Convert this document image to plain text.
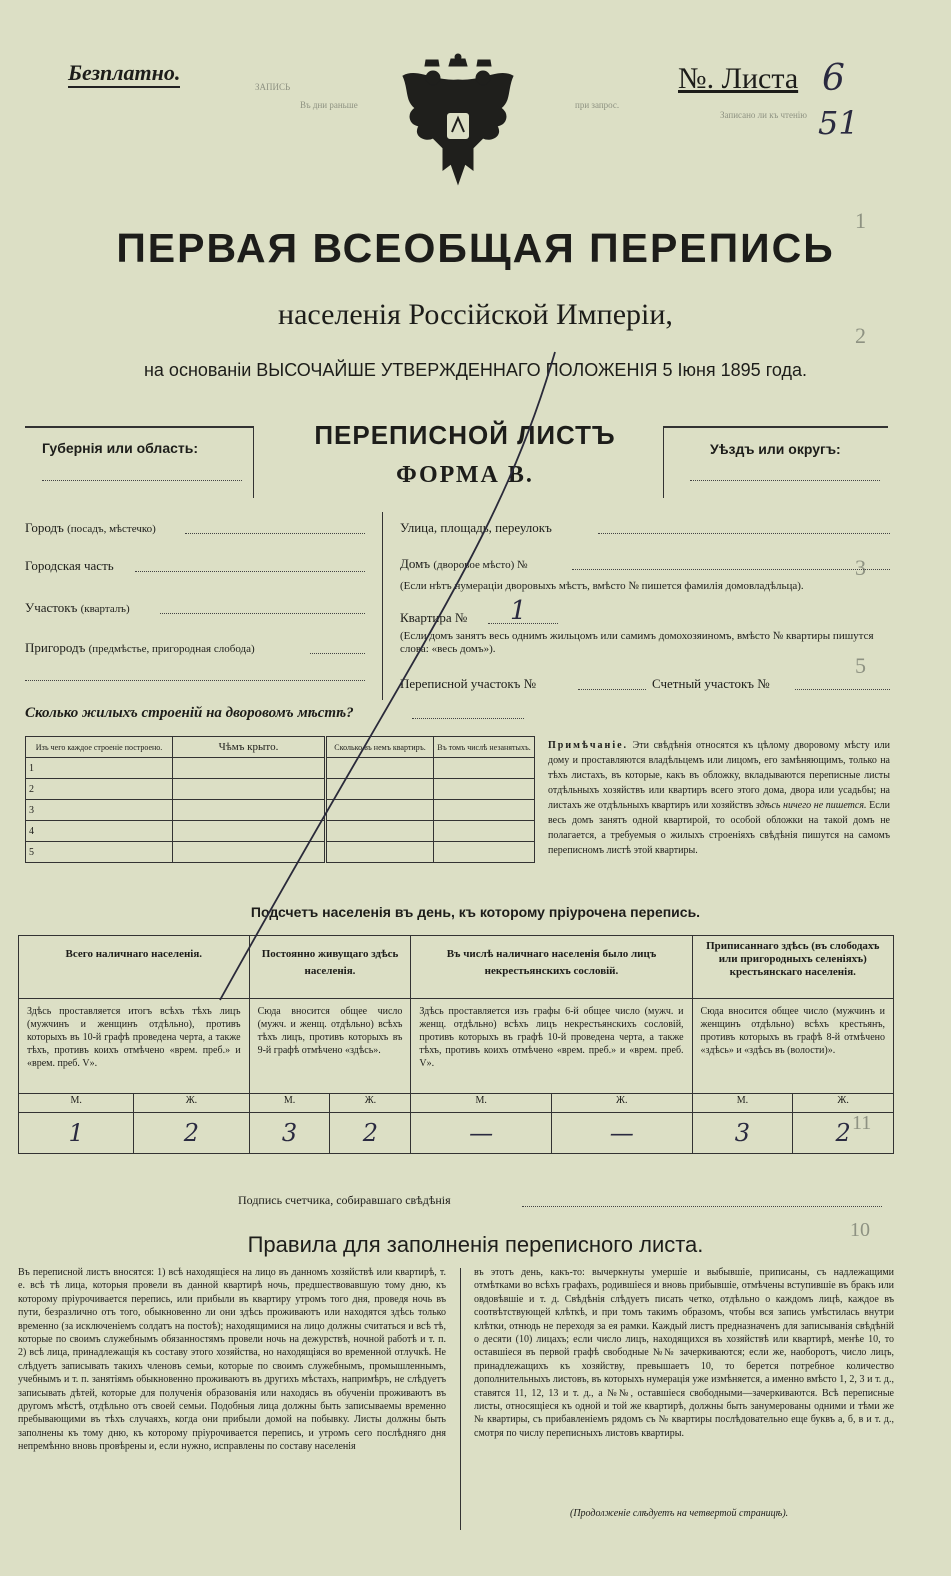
ЗАПИСЬ
Въ дни раньше	при запрос.
Записано ли къ чтенію
1
2
3
5
11
10
Безплатно.	№. Листа 6
51
ПЕРВАЯ ВСЕОБЩАЯ ПЕРЕПИСЬ
населенія Россійской Имперіи,
на основаніи ВЫСОЧАЙШЕ УТВЕРЖДЕННАГО ПОЛОЖЕНІЯ 5 Іюня 1895 года.
Губернія или область:	ПЕРЕПИСНОЙ ЛИСТЪ
ФОРМА В.
Уѣздъ или округъ:
Городъ (посадъ, мѣстечко)
Городская часть
Участокъ (кварталъ)
Пригородъ (предмѣстье, пригородная слобода)
Улица, площадь, переулокъ
Домъ (дворовое мѣсто) №
(Если нѣтъ нумераціи дворовыхъ мѣстъ, вмѣсто № пишется фамилія домовладѣльца).
Квартира № 1
(Если домъ занятъ весь однимъ жильцомъ или самимъ домохозяиномъ, вмѣсто № квартиры пишутся слова: «весь домъ»).
Переписной участокъ №	Счетный участокъ №
Сколько жилыхъ строеній на дворовомъ мѣстѣ?
Изъ чего каждое строеніе построено.	Чѣмъ крыто.	Сколько въ немъ квартиръ.	Въ томъ числѣ незанятыхъ.
1			
2			
3			
4			
5			
Примѣчаніе. Эти свѣдѣнія относятся къ цѣлому дворовому мѣсту или дому и проставляются владѣльцемъ или лицомъ, его замѣняющимъ, только на тѣхъ листахъ, въ которые, какъ въ обложку, вкладываются переписные листы отдѣльныхъ хозяйствъ или квартиръ всего этого дома, двора или усадьбы; на листахъ же отдѣльныхъ квартиръ или хозяйствъ здѣсь ничего не пишется. Если весь домъ занятъ одной квартирой, то особой обложки на такой домъ не полагается, а требуемыя о жилыхъ строеніяхъ свѣдѣнія пишутся на самомъ переписномъ листѣ этой квартиры.
Подсчетъ населенія въ день, къ которому пріурочена перепись.
Всего наличнаго населенія.		Постоянно живущаго здѣсь населенія.		Въ числѣ наличнаго населенія было лицъ некрестьянскихъ сословій.		Приписаннаго здѣсь (въ слободахъ или пригородныхъ селеніяхъ) крестьянскаго населенія.	
Здѣсь проставляется итогъ всѣхъ тѣхъ лицъ (мужчинъ и женщинъ отдѣльно), противъ которыхъ въ 10-й графѣ проведена черта, а также тѣхъ, противъ коихъ отмѣчено «врем. преб.» и «врем. преб. V».		Сюда вносится общее число (мужч. и женщ. отдѣльно) всѣхъ тѣхъ лицъ, противъ которыхъ въ 9-й графѣ отмѣчено «здѣсь».		Здѣсь проставляется изъ графы 6-й общее число (мужч. и женщ. отдѣльно) всѣхъ лицъ некрестьянскихъ сословій, противъ которыхъ въ графѣ 10-й проведена черта, а также тѣхъ, противъ коихъ отмѣчено «врем. преб.» и «врем. преб. V».		Сюда вносится общее число (мужчинъ и женщинъ отдѣльно) всѣхъ крестьянъ, противъ которыхъ въ графѣ 8-й отмѣчено «здѣсь» и «здѣсь въ (волости)».	
М.	Ж.	М.	Ж.	М.	Ж.	М.	Ж.
1	2	3	2	—	—	3	2
Подпись счетчика, собиравшаго свѣдѣнія
Правила для заполненія переписного листа.
Въ переписной листъ вносятся: 1) всѣ находящіеся на лицо въ данномъ хозяйствѣ или квартирѣ, т. е. всѣ тѣ лица, которыя провели въ данной квартирѣ ночь, предшествовавшую тому дню, къ которому пріурочивается перепись, или прибыли въ квартиру утромъ того дня, проведя ночь въ пути, безразлично отъ того, обыкновенно ли они здѣсь проживаютъ или находятся здѣсь только временно (за исключеніемъ солдатъ на постоѣ); находящимися на лицо должны считаться и всѣ тѣ, которые по своимъ служебнымъ обязанностямъ провели ночь на дежурствѣ, ночной работѣ и т. п. 2) всѣ лица, принадлежащія къ составу этого хозяйства, но находящіяся во временной отлучкѣ. Не слѣдуетъ записывать такихъ членовъ семьи, которые по своимъ служебнымъ, промышленнымъ, учебнымъ и т. п. занятіямъ обыкновенно проживаютъ въ другихъ мѣстахъ, напримѣръ, не слѣдуетъ записывать дѣтей, которые для полученія образованія или находясь въ обученіи проживаютъ въ другомъ мѣстѣ, отдѣльно отъ своей семьи. Подобныя лица должны быть записываемы временно пребывающими въ тѣхъ случаяхъ, когда они прибыли домой на побывку. Листы должны быть заполнены къ тому дню, къ которому пріурочивается перепись, и утромъ сего послѣдняго дня непремѣнно вновь провѣрены и, если нужно, исправлены по составу населенія
въ этотъ день, какъ-то: вычеркнуты умершіе и выбывшіе, приписаны, съ надлежащими отмѣтками во всѣхъ графахъ, родившіеся и вновь прибывшіе, отмѣчены вступившіе въ бракъ или овдовѣвшіе и т. д. Свѣдѣнія слѣдуетъ писать четко, отдѣльно о каждомъ лицѣ, каждое въ соотвѣтствующей клѣткѣ, и при томъ такимъ образомъ, чтобы вся запись умѣстилась внутри клѣтки, отнюдь не переходя за ея рамки. Каждый листъ предназначенъ для записыванія свѣдѣній о десяти (10) лицахъ; если число лицъ, находящихся въ хозяйствѣ или квартирѣ, менѣе 10, то оставшіеся въ первой графѣ свободные №№ зачеркиваются; если же, наоборотъ, число лицъ, принадлежащихъ къ хозяйству, превышаетъ 10, то берется потребное количество дополнительныхъ листовъ, въ которыхъ нумерація уже измѣняется, а именно вмѣсто 1, 2, 3 и т. д., ставятся 11, 12, 13 и т. д., а №№, оставшіеся свободными—зачеркиваются. Всѣ переписные листы, относящіеся къ одной и той же квартирѣ, должны быть занумерованы одними и тѣми же № квартиры, съ прибавленіемъ рядомъ съ № квартиры послѣдовательно еще буквъ а, б, в и т. д., смотря по числу переписныхъ листовъ квартиры.
(Продолженіе слѣдуетъ на четвертой страницѣ).
